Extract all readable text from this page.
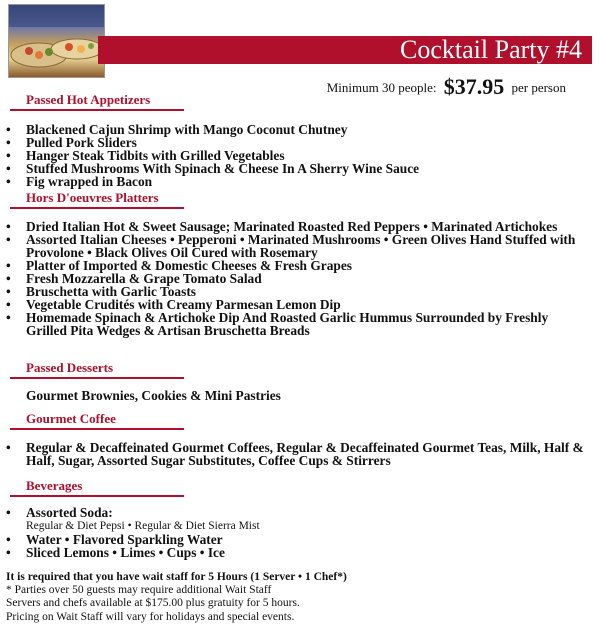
Cocktail Party #4
Minimum 30 people: $37.95 per person
Passed Hot Appetizers
• Blackened Cajun Shrimp with Mango Coconut Chutney
• Pulled Pork Sliders
• Hanger Steak Tidbits with Grilled Vegetables
• Stuffed Mushrooms With Spinach & Cheese In A Sherry Wine Sauce
• Fig wrapped in Bacon
Hors D'oeuvres Platters
• Dried Italian Hot & Sweet Sausage; Marinated Roasted Red Peppers • Marinated Artichokes
• Assorted Italian Cheeses • Pepperoni • Marinated Mushrooms • Green Olives Hand Stuffed with Provolone • Black Olives Oil Cured with Rosemary
• Platter of Imported & Domestic Cheeses & Fresh Grapes
• Fresh Mozzarella & Grape Tomato Salad
• Bruschetta with Garlic Toasts
• Vegetable Crudités with Creamy Parmesan Lemon Dip
• Homemade Spinach & Artichoke Dip And Roasted Garlic Hummus Surrounded by Freshly Grilled Pita Wedges & Artisan Bruschetta Breads
Passed Desserts
Gourmet Brownies, Cookies & Mini Pastries
Gourmet Coffee
• Regular & Decaffeinated Gourmet Coffees, Regular & Decaffeinated Gourmet Teas, Milk, Half & Half, Sugar, Assorted Sugar Substitutes, Coffee Cups & Stirrers
Beverages
• Assorted Soda:
Regular & Diet Pepsi • Regular & Diet Sierra Mist
• Water • Flavored Sparkling Water
• Sliced Lemons • Limes • Cups • Ice
It is required that you have wait staff for 5 Hours (1 Server • 1 Chef*)
* Parties over 50 guests may require additional Wait Staff
Servers and chefs available at $175.00 plus gratuity for 5 hours.
Pricing on Wait Staff will vary for holidays and special events.
